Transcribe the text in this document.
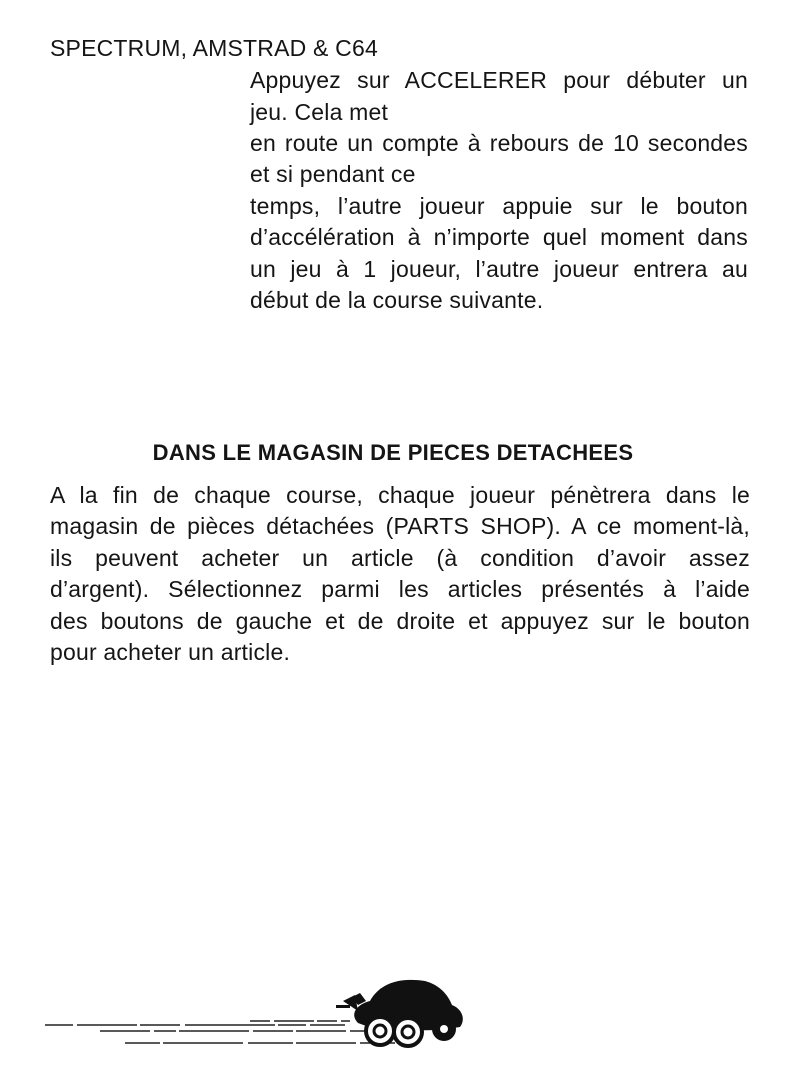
SPECTRUM, AMSTRAD & C64
Appuyez sur ACCELERER pour débuter un
jeu. Cela met
en route un compte à rebours de 10 secondes
et si pendant ce
temps, l’autre joueur appuie sur le bouton
d’accélération à n’importe quel moment dans
un jeu à 1 joueur, l’autre joueur entrera au
début de la course suivante.
DANS LE MAGASIN DE PIECES DETACHEES
A la fin de chaque course, chaque joueur pénètrera dans le
magasin de pièces détachées (PARTS SHOP). A ce moment-là,
ils peuvent acheter un article (à condition d’avoir assez
d’argent). Sélectionnez parmi les articles présentés à l’aide
des boutons de gauche et de droite et appuyez sur le bouton
pour acheter un article.
